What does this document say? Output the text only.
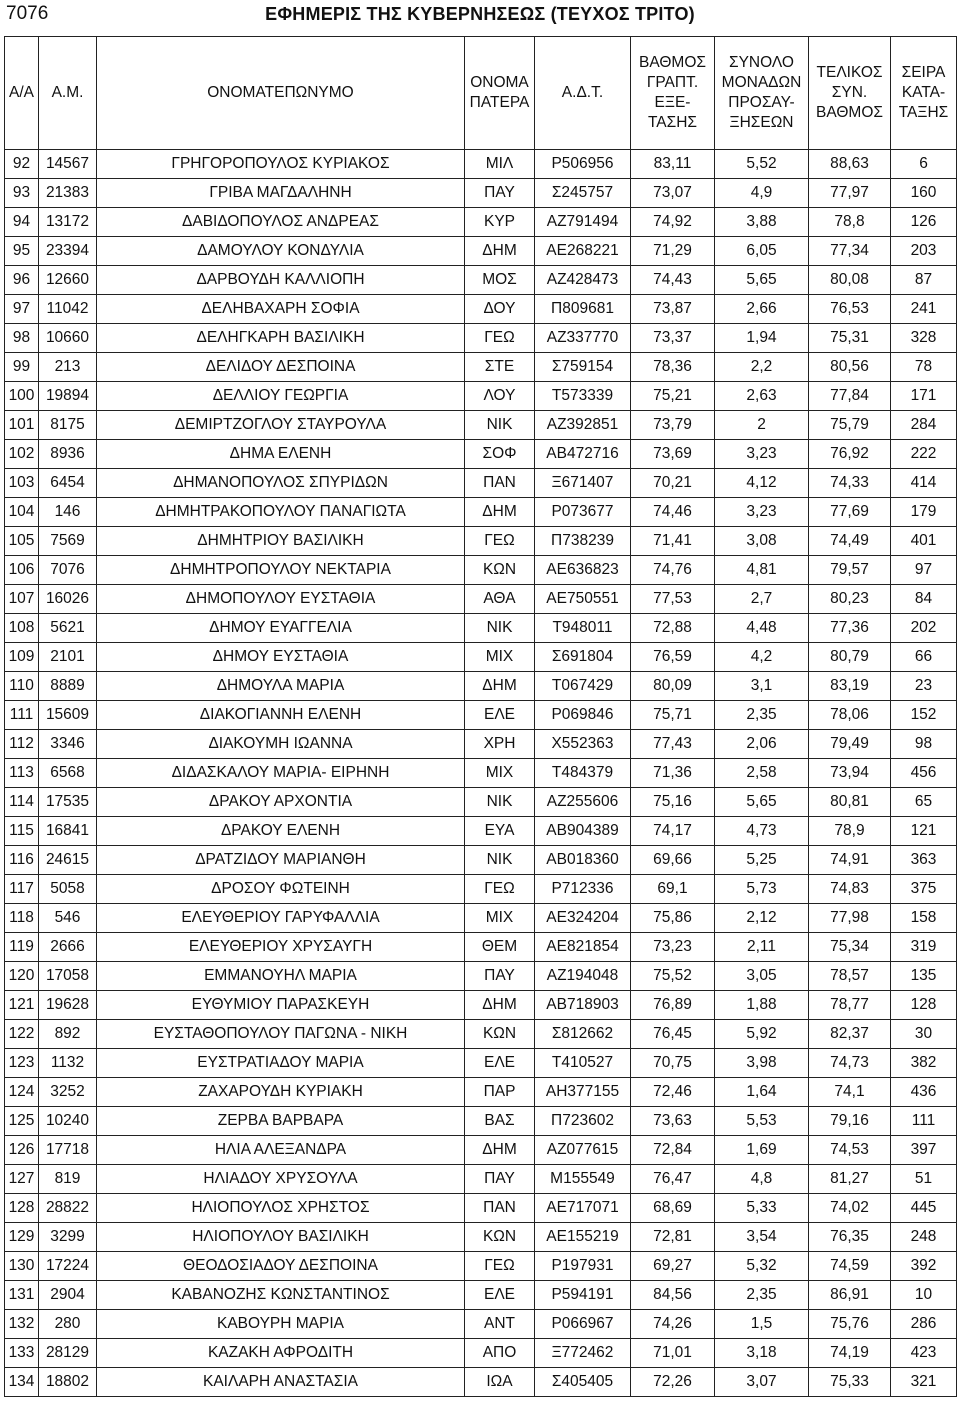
7076	ΕΦΗΜΕΡΙΣ ΤΗΣ ΚΥΒΕΡΝΗΣΕΩΣ (ΤΕΥΧΟΣ ΤΡΙΤΟ)
Α/Α	Α.Μ.	ΟΝΟΜΑΤΕΠΩΝΥΜΟ	ΟΝΟΜΑ
ΠΑΤΕΡΑ	Α.Δ.Τ.	ΒΑΘΜΟΣ
ΓΡΑΠΤ.
ΕΞΕ-
ΤΑΣΗΣ	ΣΥΝΟΛΟ
ΜΟΝΑΔΩΝ
ΠΡΟΣΑΥ-
ΞΗΣΕΩΝ	ΤΕΛΙΚΟΣ
ΣΥΝ.
ΒΑΘΜΟΣ	ΣΕΙΡΑ
ΚΑΤΑ-
ΤΑΞΗΣ

92	14567	ΓΡΗΓΟΡΟΠΟΥΛΟΣ ΚΥΡΙΑΚΟΣ	ΜΙΛ	Ρ506956	83,11	5,52	88,63	6
93	21383	ΓΡΙΒΑ ΜΑΓΔΑΛΗΝΗ	ΠΑΥ	Σ245757	73,07	4,9	77,97	160
94	13172	ΔΑΒΙΔΟΠΟΥΛΟΣ ΑΝΔΡΕΑΣ	ΚΥΡ	ΑΖ791494	74,92	3,88	78,8	126
95	23394	ΔΑΜΟΥΛΟΥ ΚΟΝΔΥΛΙΑ	ΔΗΜ	ΑΕ268221	71,29	6,05	77,34	203
96	12660	ΔΑΡΒΟΥΔΗ ΚΑΛΛΙΟΠΗ	ΜΟΣ	ΑΖ428473	74,43	5,65	80,08	87
97	11042	ΔΕΛΗΒΑΧΑΡΗ ΣΟΦΙΑ	ΔΟΥ	Π809681	73,87	2,66	76,53	241
98	10660	ΔΕΛΗΓΚΑΡΗ ΒΑΣΙΛΙΚΗ	ΓΕΩ	ΑΖ337770	73,37	1,94	75,31	328
99	213	ΔΕΛΙΔΟΥ ΔΕΣΠΟΙΝΑ	ΣΤΕ	Σ759154	78,36	2,2	80,56	78
100	19894	ΔΕΛΛΙΟΥ ΓΕΩΡΓΙΑ	ΛΟΥ	Τ573339	75,21	2,63	77,84	171
101	8175	ΔΕΜΙΡΤΖΟΓΛΟΥ ΣΤΑΥΡΟΥΛΑ	ΝΙΚ	ΑΖ392851	73,79	2	75,79	284
102	8936	ΔΗΜΑ ΕΛΕΝΗ	ΣΟΦ	ΑΒ472716	73,69	3,23	76,92	222
103	6454	ΔΗΜΑΝΟΠΟΥΛΟΣ ΣΠΥΡΙΔΩΝ	ΠΑΝ	Ξ671407	70,21	4,12	74,33	414
104	146	ΔΗΜΗΤΡΑΚΟΠΟΥΛΟΥ ΠΑΝΑΓΙΩΤΑ	ΔΗΜ	Ρ073677	74,46	3,23	77,69	179
105	7569	ΔΗΜΗΤΡΙΟΥ ΒΑΣΙΛΙΚΗ	ΓΕΩ	Π738239	71,41	3,08	74,49	401
106	7076	ΔΗΜΗΤΡΟΠΟΥΛΟΥ ΝΕΚΤΑΡΙΑ	ΚΩΝ	ΑΕ636823	74,76	4,81	79,57	97
107	16026	ΔΗΜΟΠΟΥΛΟΥ ΕΥΣΤΑΘΙΑ	ΑΘΑ	ΑΕ750551	77,53	2,7	80,23	84
108	5621	ΔΗΜΟΥ ΕΥΑΓΓΕΛΙΑ	ΝΙΚ	Τ948011	72,88	4,48	77,36	202
109	2101	ΔΗΜΟΥ ΕΥΣΤΑΘΙΑ	ΜΙΧ	Σ691804	76,59	4,2	80,79	66
110	8889	ΔΗΜΟΥΛΑ ΜΑΡΙΑ	ΔΗΜ	Τ067429	80,09	3,1	83,19	23
111	15609	ΔΙΑΚΟΓΙΑΝΝΗ ΕΛΕΝΗ	ΕΛΕ	Ρ069846	75,71	2,35	78,06	152
112	3346	ΔΙΑΚΟΥΜΗ ΙΩΑΝΝΑ	ΧΡΗ	Χ552363	77,43	2,06	79,49	98
113	6568	ΔΙΔΑΣΚΑΛΟΥ ΜΑΡΙΑ- ΕΙΡΗΝΗ	ΜΙΧ	Τ484379	71,36	2,58	73,94	456
114	17535	ΔΡΑΚΟΥ ΑΡΧΟΝΤΙΑ	ΝΙΚ	ΑΖ255606	75,16	5,65	80,81	65
115	16841	ΔΡΑΚΟΥ ΕΛΕΝΗ	ΕΥΑ	ΑΒ904389	74,17	4,73	78,9	121
116	24615	ΔΡΑΤΖΙΔΟΥ ΜΑΡΙΑΝΘΗ	ΝΙΚ	ΑΒ018360	69,66	5,25	74,91	363
117	5058	ΔΡΟΣΟΥ ΦΩΤΕΙΝΗ	ΓΕΩ	Ρ712336	69,1	5,73	74,83	375
118	546	ΕΛΕΥΘΕΡΙΟΥ ΓΑΡΥΦΑΛΛΙΑ	ΜΙΧ	ΑΕ324204	75,86	2,12	77,98	158
119	2666	ΕΛΕΥΘΕΡΙΟΥ ΧΡΥΣΑΥΓΗ	ΘΕΜ	ΑΕ821854	73,23	2,11	75,34	319
120	17058	ΕΜΜΑΝΟΥΗΛ ΜΑΡΙΑ	ΠΑΥ	ΑΖ194048	75,52	3,05	78,57	135
121	19628	ΕΥΘΥΜΙΟΥ ΠΑΡΑΣΚΕΥΗ	ΔΗΜ	ΑΒ718903	76,89	1,88	78,77	128
122	892	ΕΥΣΤΑΘΟΠΟΥΛΟΥ ΠΑΓΩΝΑ - ΝΙΚΗ	ΚΩΝ	Σ812662	76,45	5,92	82,37	30
123	1132	ΕΥΣΤΡΑΤΙΑΔΟΥ ΜΑΡΙΑ	ΕΛΕ	Τ410527	70,75	3,98	74,73	382
124	3252	ΖΑΧΑΡΟΥΔΗ ΚΥΡΙΑΚΗ	ΠΑΡ	ΑΗ377155	72,46	1,64	74,1	436
125	10240	ΖΕΡΒΑ ΒΑΡΒΑΡΑ	ΒΑΣ	Π723602	73,63	5,53	79,16	111
126	17718	ΗΛΙΑ ΑΛΕΞΑΝΔΡΑ	ΔΗΜ	ΑΖ077615	72,84	1,69	74,53	397
127	819	ΗΛΙΑΔΟΥ ΧΡΥΣΟΥΛΑ	ΠΑΥ	Μ155549	76,47	4,8	81,27	51
128	28822	ΗΛΙΟΠΟΥΛΟΣ ΧΡΗΣΤΟΣ	ΠΑΝ	ΑΕ717071	68,69	5,33	74,02	445
129	3299	ΗΛΙΟΠΟΥΛΟΥ ΒΑΣΙΛΙΚΗ	ΚΩΝ	ΑΕ155219	72,81	3,54	76,35	248
130	17224	ΘΕΟΔΟΣΙΑΔΟΥ ΔΕΣΠΟΙΝΑ	ΓΕΩ	Ρ197931	69,27	5,32	74,59	392
131	2904	ΚΑΒΑΝΟΖΗΣ ΚΩΝΣΤΑΝΤΙΝΟΣ	ΕΛΕ	Ρ594191	84,56	2,35	86,91	10
132	280	ΚΑΒΟΥΡΗ ΜΑΡΙΑ	ΑΝΤ	Ρ066967	74,26	1,5	75,76	286
133	28129	ΚΑΖΑΚΗ ΑΦΡΟΔΙΤΗ	ΑΠΟ	Ξ772462	71,01	3,18	74,19	423
134	18802	ΚΑΙΛΑΡΗ ΑΝΑΣΤΑΣΙΑ	ΙΩΑ	Σ405405	72,26	3,07	75,33	321
